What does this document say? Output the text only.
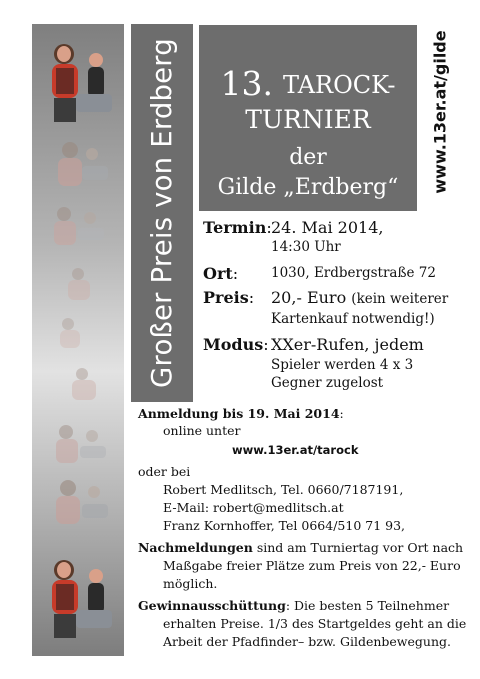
Großer Preis von Erdberg	13. TAROCK-
TURNIER
der
Gilde „Erdberg“	www.13er.at/gilde
Termin: 24. Mai 2014,
14:30 Uhr
Ort: 1030, Erdbergstraße 72
Preis: 20,- Euro (kein weiterer
Kartenkauf notwendig!)
Modus: XXer-Rufen, jedem
Spieler werden 4 x 3
Gegner zugelost
Anmeldung bis 19. Mai 2014:
online unter
www.13er.at/tarock
oder bei
Robert Medlitsch, Tel. 0660/7187191,
E-Mail: robert@medlitsch.at
Franz Kornhoffer, Tel 0664/510 71 93,
Nachmeldungen sind am Turniertag vor Ort nach
Maßgabe freier Plätze zum Preis von 22,- Euro
möglich.
Gewinnausschüttung: Die besten 5 Teilnehmer
erhalten Preise. 1/3 des Startgeldes geht an die
Arbeit der Pfadfinder– bzw. Gildenbewegung.
